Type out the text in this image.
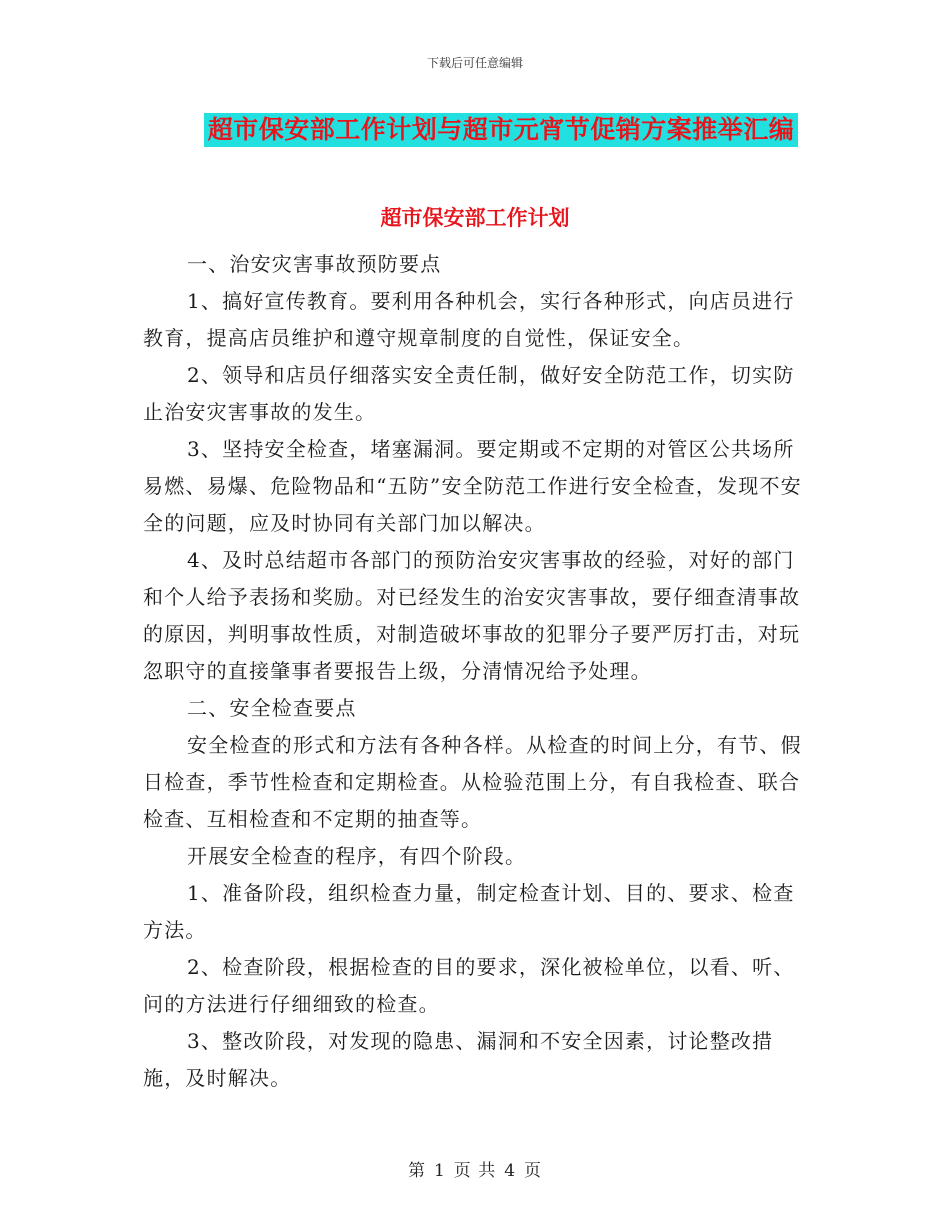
下载后可任意编辑
超市保安部工作计划与超市元宵节促销方案推举汇编
超市保安部工作计划

一、治安灾害事故预防要点

1、搞好宣传教育。要利用各种机会，实行各种形式，向店员进行教育，提高店员维护和遵守规章制度的自觉性，保证安全。

2、领导和店员仔细落实安全责任制，做好安全防范工作，切实防止治安灾害事故的发生。

3、坚持安全检查，堵塞漏洞。要定期或不定期的对管区公共场所易燃、易爆、危险物品和“五防”安全防范工作进行安全检查，发现不安全的问题，应及时协同有关部门加以解决。

4、及时总结超市各部门的预防治安灾害事故的经验，对好的部门和个人给予表扬和奖励。对已经发生的治安灾害事故，要仔细查清事故的原因，判明事故性质，对制造破坏事故的犯罪分子要严厉打击，对玩忽职守的直接肇事者要报告上级，分清情况给予处理。

二、安全检查要点

安全检查的形式和方法有各种各样。从检查的时间上分，有节、假日检查，季节性检查和定期检查。从检验范围上分，有自我检查、联合检查、互相检查和不定期的抽查等。

开展安全检查的程序，有四个阶段。

1、准备阶段，组织检查力量，制定检查计划、目的、要求、检查方法。

2、检查阶段，根据检查的目的要求，深化被检单位，以看、听、问的方法进行仔细细致的检查。

3、整改阶段，对发现的隐患、漏洞和不安全因素，讨论整改措施，及时解决。

第 1 页 共 4 页
